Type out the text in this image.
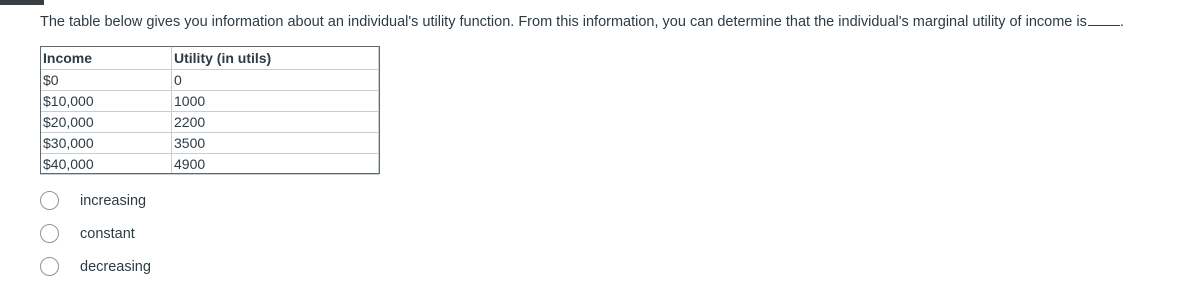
The table below gives you information about an individual's utility function. From this information, you can determine that the individual's marginal utility of income is .
Income	Utility (in utils)
$0	0
$10,000	1000
$20,000	2200
$30,000	3500
$40,000	4900
increasing
constant
decreasing
